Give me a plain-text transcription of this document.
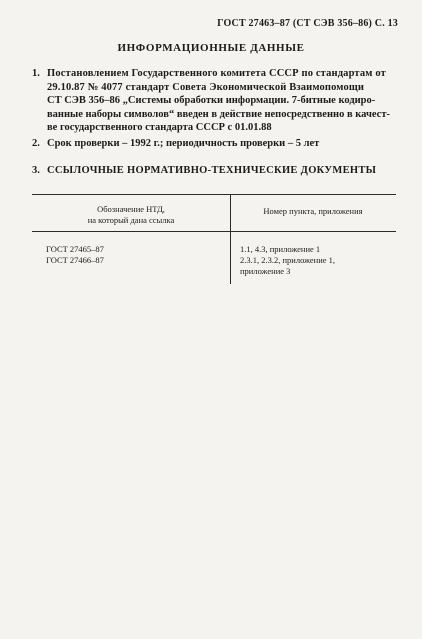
ГОСТ 27463–87 (СТ СЭВ 356–86) С. 13
ИНФОРМАЦИОННЫЕ ДАННЫЕ
1. Постановлением Государственного комитета СССР по стандартам от
29.10.87 № 4077 стандарт Совета Экономической Взаимопомощи
СТ СЭВ 356–86 „Системы обработки информации. 7-битные кодиро-
ванные наборы символов“ введен в действие непосредственно в качест-
ве государственного стандарта СССР с 01.01.88
2. Срок проверки – 1992 г.; периодичность проверки – 5 лет
3. ССЫЛОЧНЫЕ НОРМАТИВНО-ТЕХНИЧЕСКИЕ ДОКУМЕНТЫ
Обозначение НТД,
на который дана ссылка
Номер пункта, приложения
ГОСТ 27465–87
ГОСТ 27466–87
1.1, 4.3, приложение 1
2.3.1, 2.3.2, приложение 1,
приложение 3
